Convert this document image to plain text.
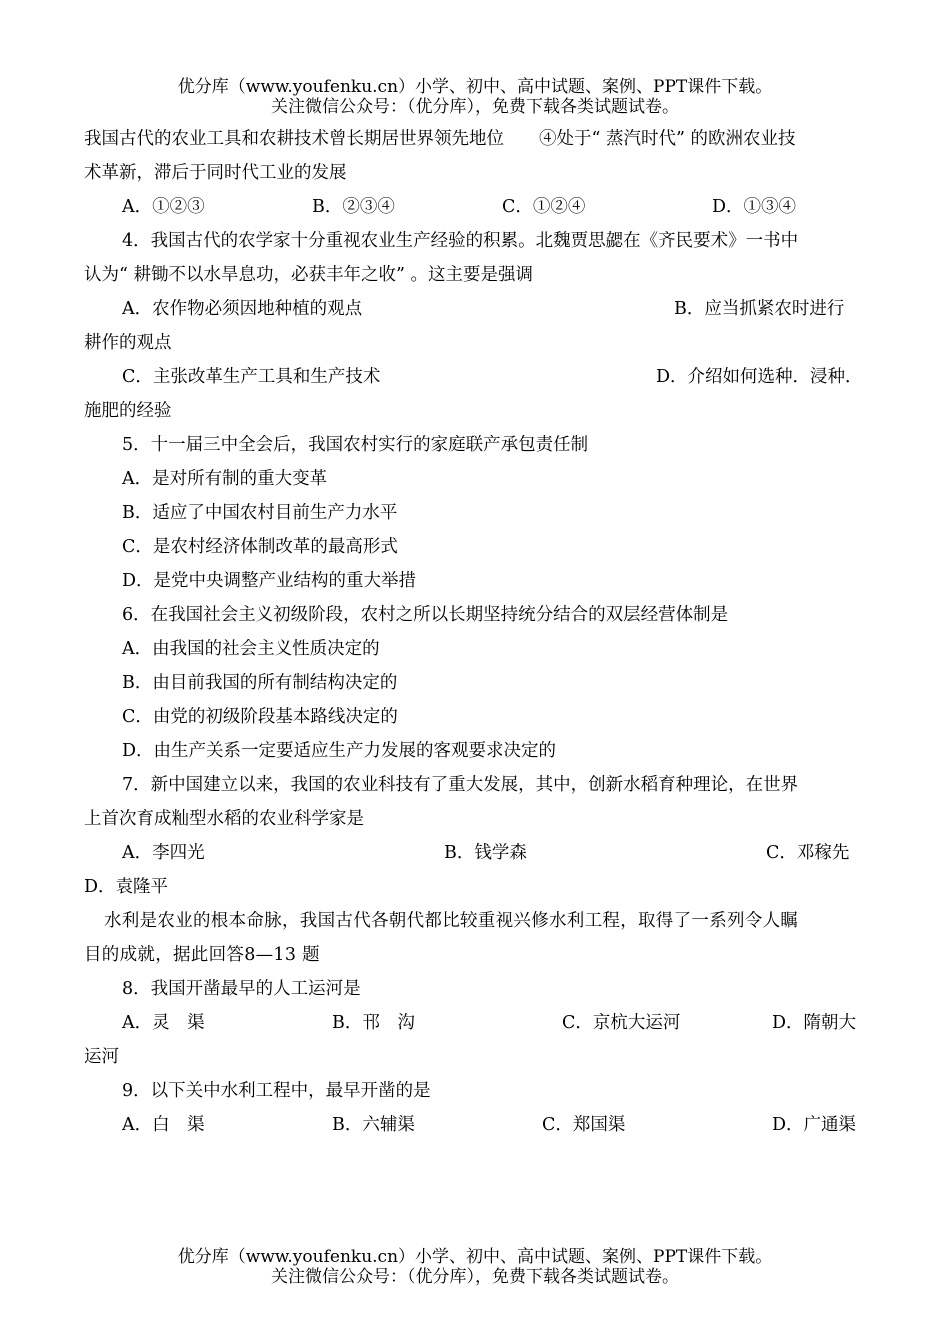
优分库（www.youfenku.cn）小学、初中、高中试题、案例、PPT课件下载。
关注微信公众号：（优分库），免费下载各类试题试卷。
我国古代的农业工具和农耕技术曾长期居世界领先地位　　④处于“ 蒸汽时代” 的欧洲农业技
术革新，滞后于同时代工业的发展
A．①②③	B．②③④	C．①②④	D．①③④
4．我国古代的农学家十分重视农业生产经验的积累。北魏贾思勰在《齐民要术》一书中
认为“ 耕锄不以水旱息功，必获丰年之收” 。这主要是强调
A．农作物必须因地种植的观点	B．应当抓紧农时进行
耕作的观点
C．主张改革生产工具和生产技术	D．介绍如何选种．浸种．
施肥的经验
5．十一届三中全会后，我国农村实行的家庭联产承包责任制
A．是对所有制的重大变革
B．适应了中国农村目前生产力水平
C．是农村经济体制改革的最高形式
D．是党中央调整产业结构的重大举措
6．在我国社会主义初级阶段，农村之所以长期坚持统分结合的双层经营体制是
A．由我国的社会主义性质决定的
B．由目前我国的所有制结构决定的
C．由党的初级阶段基本路线决定的
D．由生产关系一定要适应生产力发展的客观要求决定的
7．新中国建立以来，我国的农业科技有了重大发展，其中，创新水稻育种理论，在世界
上首次育成籼型水稻的农业科学家是
A．李四光	B．钱学森	C．邓稼先
D．袁隆平
水利是农业的根本命脉，我国古代各朝代都比较重视兴修水利工程，取得了一系列令人瞩
目的成就，据此回答8—13 题
8．我国开凿最早的人工运河是
A．灵　渠	B．邗　沟	C．京杭大运河	D．隋朝大
运河
9．以下关中水利工程中，最早开凿的是
A．白　渠	B．六辅渠	C．郑国渠	D．广通渠
优分库（www.youfenku.cn）小学、初中、高中试题、案例、PPT课件下载。
关注微信公众号：（优分库），免费下载各类试题试卷。
